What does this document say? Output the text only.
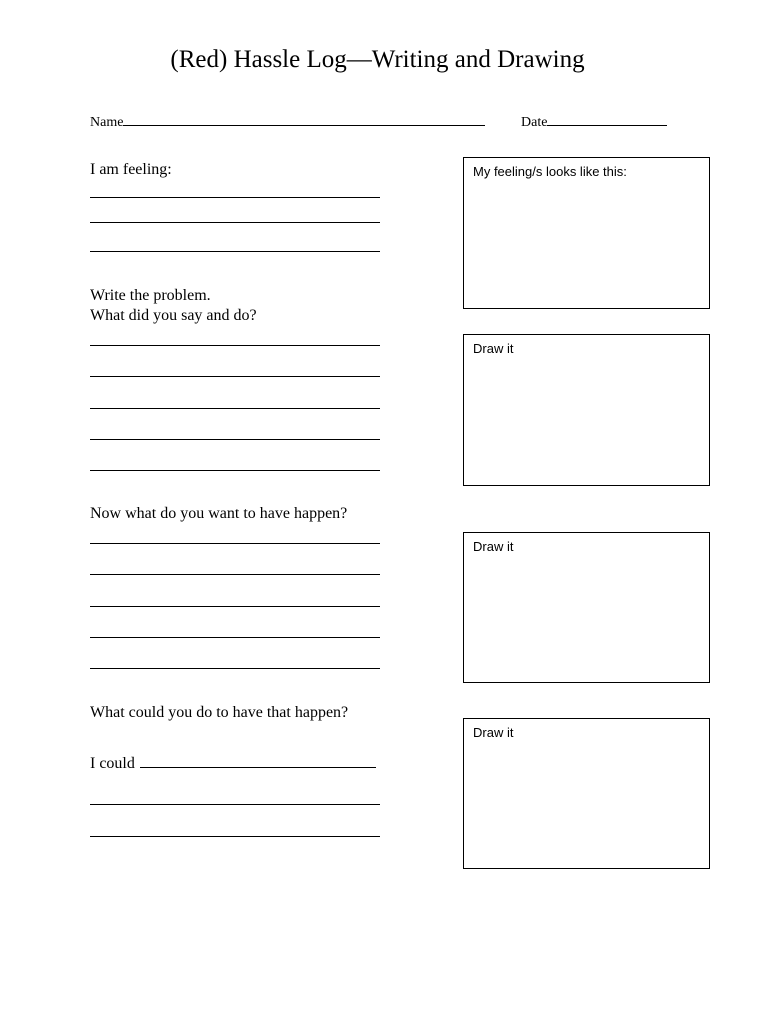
(Red) Hassle Log—Writing and Drawing
Name	Date
I am feeling:	My feeling/s looks like this:
Write the problem.
What did you say and do?
Draw it
Now what do you want to have happen?
Draw it
What could you do to have that happen?
I could
Draw it
